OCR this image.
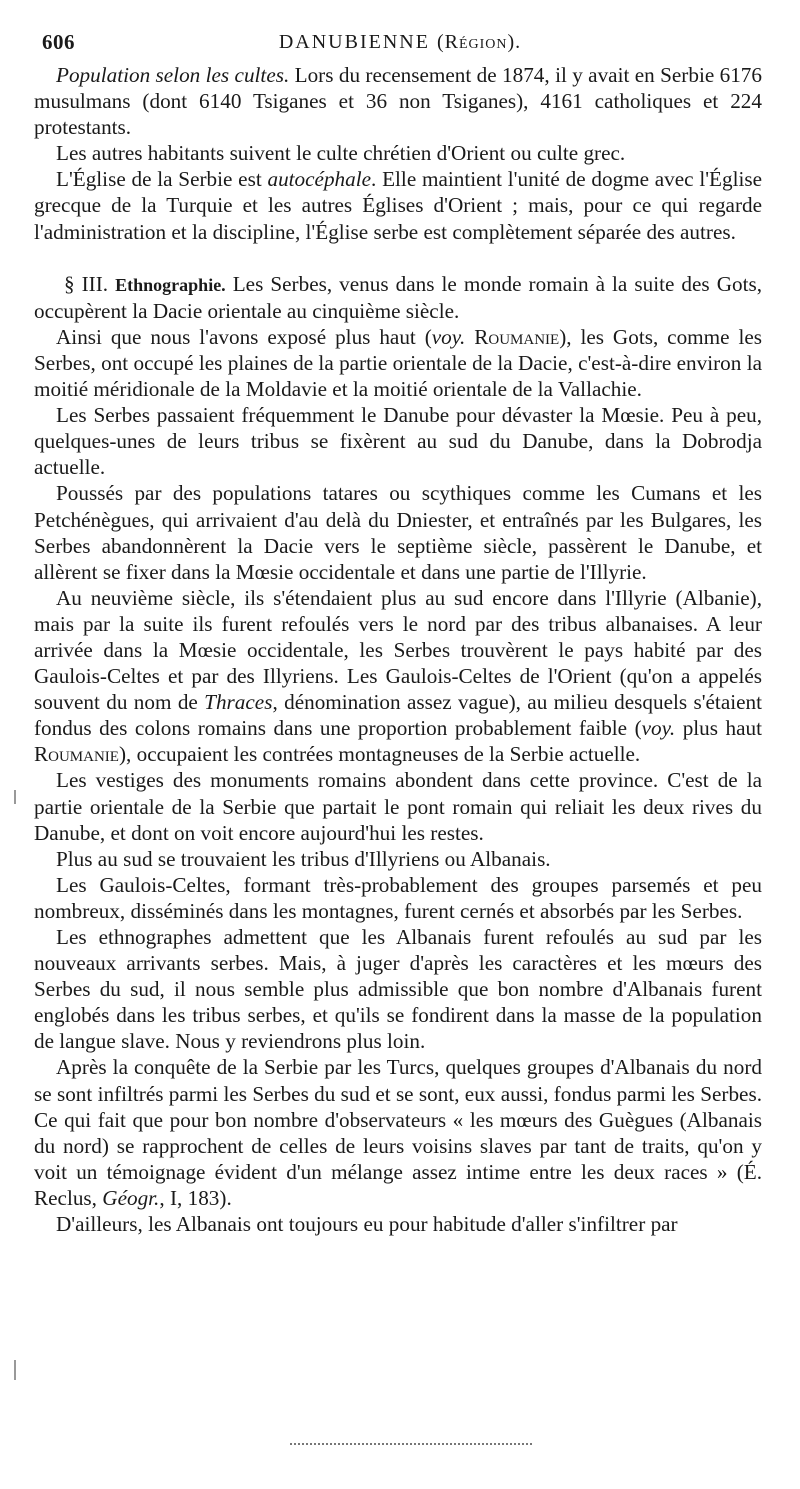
606	DANUBIENNE (Région).

Population selon les cultes. Lors du recensement de 1874, il y avait en Serbie 6176 musulmans (dont 6140 Tsiganes et 36 non Tsiganes), 4161 catholiques et 224 protestants.

Les autres habitants suivent le culte chrétien d'Orient ou culte grec.

L'Église de la Serbie est autocéphale. Elle maintient l'unité de dogme avec l'Église grecque de la Turquie et les autres Églises d'Orient ; mais, pour ce qui regarde l'administration et la discipline, l'Église serbe est complètement séparée des autres.

§ III. Ethnographie. Les Serbes, venus dans le monde romain à la suite des Gots, occupèrent la Dacie orientale au cinquième siècle.

Ainsi que nous l'avons exposé plus haut (voy. Roumanie), les Gots, comme les Serbes, ont occupé les plaines de la partie orientale de la Dacie, c'est-à-dire environ la moitié méridionale de la Moldavie et la moitié orientale de la Vallachie.

Les Serbes passaient fréquemment le Danube pour dévaster la Mœsie. Peu à peu, quelques-unes de leurs tribus se fixèrent au sud du Danube, dans la Dobrodja actuelle.

Poussés par des populations tatares ou scythiques comme les Cumans et les Petchénègues, qui arrivaient d'au delà du Dniester, et entraînés par les Bulgares, les Serbes abandonnèrent la Dacie vers le septième siècle, passèrent le Danube, et allèrent se fixer dans la Mœsie occidentale et dans une partie de l'Illyrie.

Au neuvième siècle, ils s'étendaient plus au sud encore dans l'Illyrie (Albanie), mais par la suite ils furent refoulés vers le nord par des tribus albanaises. A leur arrivée dans la Mœsie occidentale, les Serbes trouvèrent le pays habité par des Gaulois-Celtes et par des Illyriens. Les Gaulois-Celtes de l'Orient (qu'on a appelés souvent du nom de Thraces, dénomination assez vague), au milieu desquels s'étaient fondus des colons romains dans une proportion probablement faible (voy. plus haut Roumanie), occupaient les contrées montagneuses de la Serbie actuelle.

Les vestiges des monuments romains abondent dans cette province. C'est de la partie orientale de la Serbie que partait le pont romain qui reliait les deux rives du Danube, et dont on voit encore aujourd'hui les restes.

Plus au sud se trouvaient les tribus d'Illyriens ou Albanais.

Les Gaulois-Celtes, formant très-probablement des groupes parsemés et peu nombreux, disséminés dans les montagnes, furent cernés et absorbés par les Serbes.

Les ethnographes admettent que les Albanais furent refoulés au sud par les nouveaux arrivants serbes. Mais, à juger d'après les caractères et les mœurs des Serbes du sud, il nous semble plus admissible que bon nombre d'Albanais furent englobés dans les tribus serbes, et qu'ils se fondirent dans la masse de la population de langue slave. Nous y reviendrons plus loin.

Après la conquête de la Serbie par les Turcs, quelques groupes d'Albanais du nord se sont infiltrés parmi les Serbes du sud et se sont, eux aussi, fondus parmi les Serbes. Ce qui fait que pour bon nombre d'observateurs « les mœurs des Guègues (Albanais du nord) se rapprochent de celles de leurs voisins slaves par tant de traits, qu'on y voit un témoignage évident d'un mélange assez intime entre les deux races » (É. Reclus, Géogr., I, 183).

D'ailleurs, les Albanais ont toujours eu pour habitude d'aller s'infiltrer par
